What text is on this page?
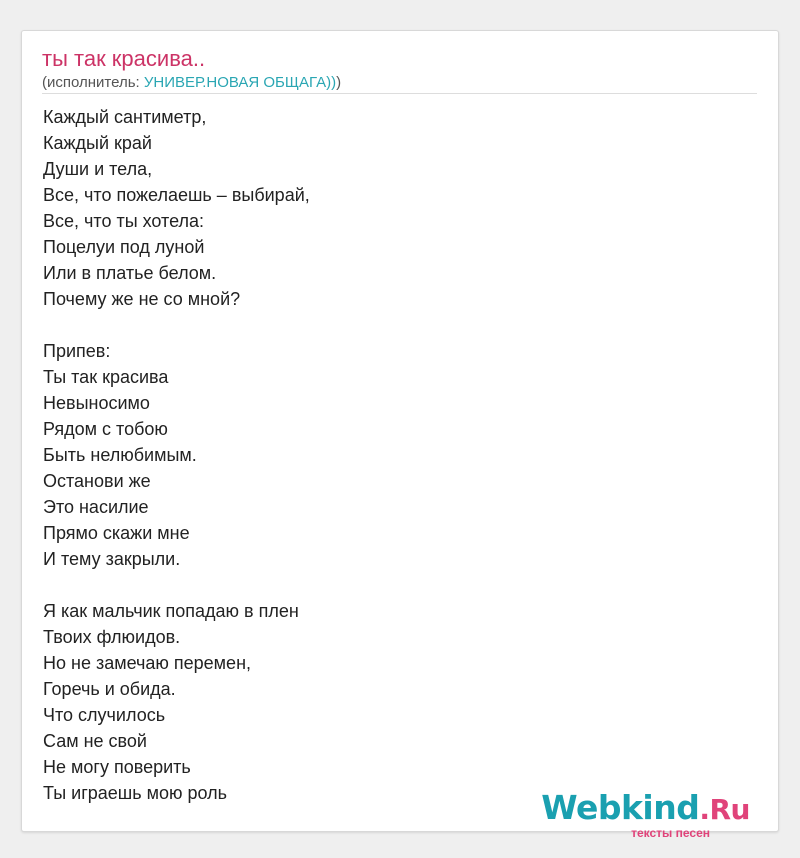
ты так красива..
(исполнитель: УНИВЕР.НОВАЯ ОБЩАГА)))
Каждый сантиметр,
Каждый край
Души и тела,
Все, что пожелаешь – выбирай,
Все, что ты хотела:
Поцелуи под луной
Или в платье белом.
Почему же не со мной?
Припев:
Ты так красива
Невыносимо
Рядом с тобою
Быть нелюбимым.
Останови же
Это насилие
Прямо скажи мне
И тему закрыли.
Я как мальчик попадаю в плен
Твоих флюидов.
Но не замечаю перемен,
Горечь и обида.
Что случилось
Сам не свой
Не могу поверить
Ты играешь мою роль	Webkind.Ru
тексты песен
